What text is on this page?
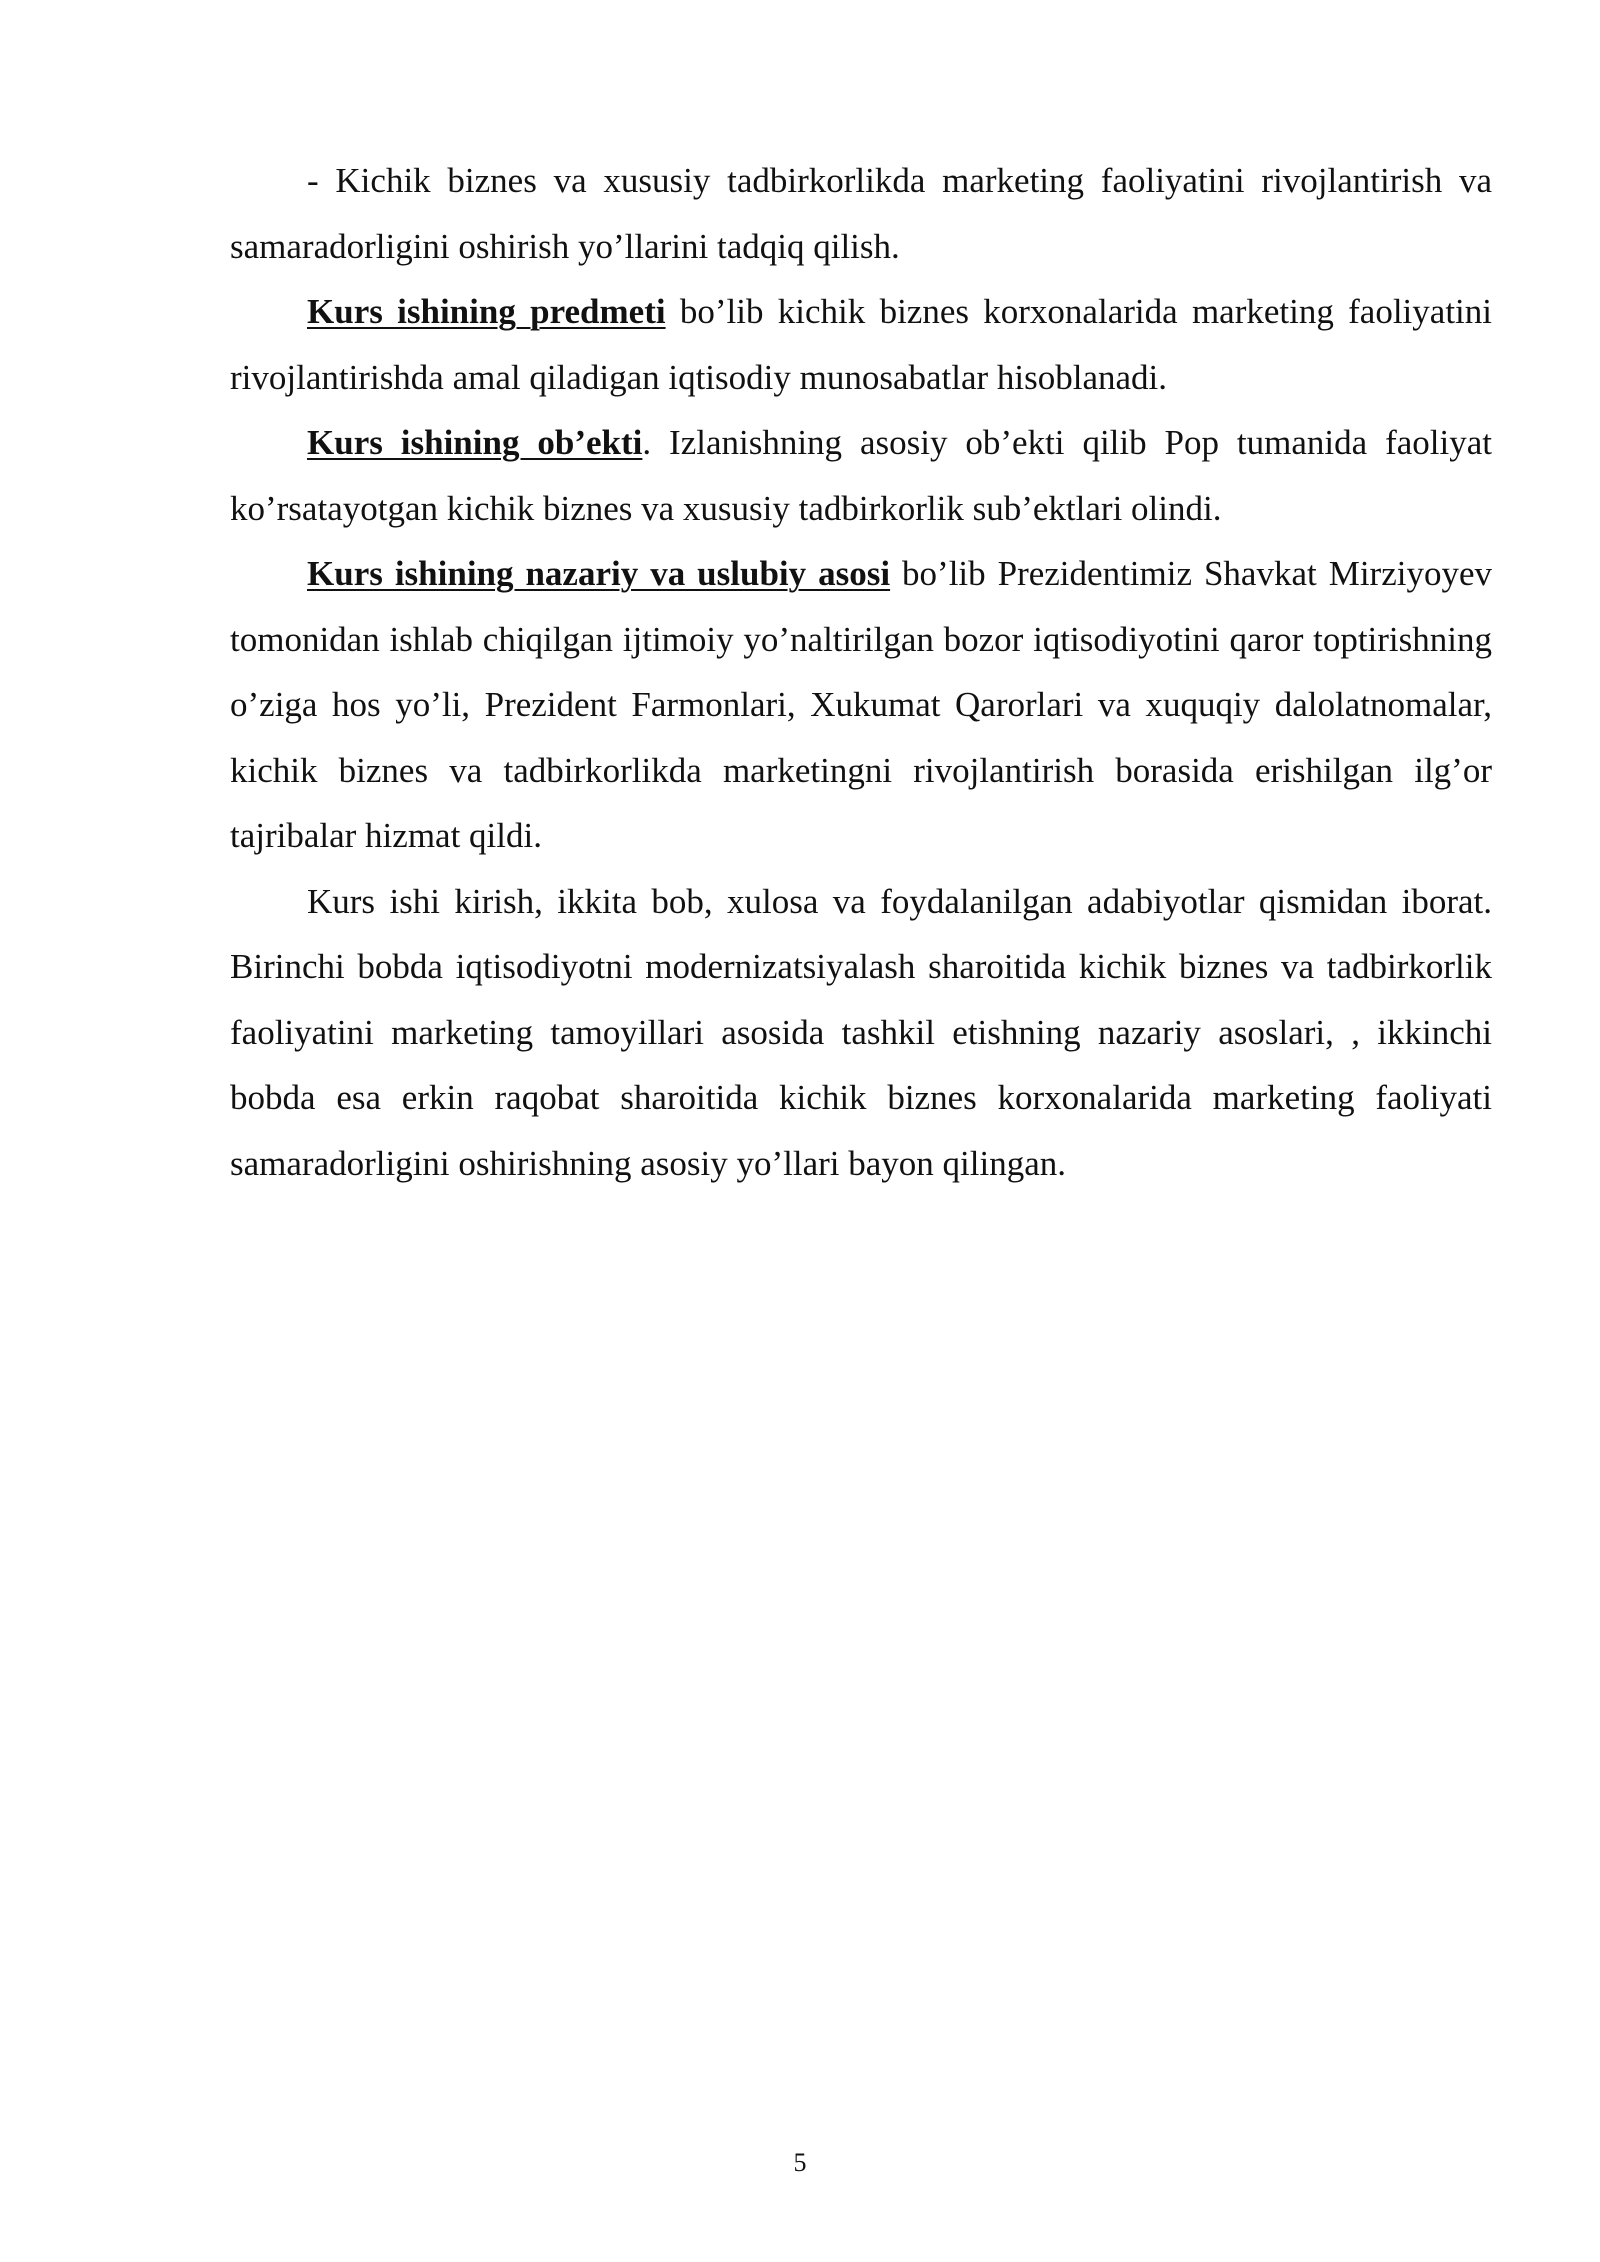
- Kichik biznes va xususiy tadbirkorlikda marketing faoliyatini rivojlantirish va samaradorligini oshirish yo’llarini tadqiq qilish.

Kurs ishining predmeti bo’lib kichik biznes korxonalarida marketing faoliyatini rivojlantirishda amal qiladigan iqtisodiy munosabatlar hisoblanadi.

Kurs ishining ob’ekti. Izlanishning asosiy ob’ekti qilib Pop tumanida faoliyat ko’rsatayotgan kichik biznes va xususiy tadbirkorlik sub’ektlari olindi.

Kurs ishining nazariy va uslubiy asosi bo’lib Prezidentimiz Shavkat Mirziyoyev tomonidan ishlab chiqilgan ijtimoiy yo’naltirilgan bozor iqtisodiyotini qaror toptirishning o’ziga hos yo’li, Prezident Farmonlari, Xukumat Qarorlari va xuquqiy dalolatnomalar, kichik biznes va tadbirkorlikda marketingni rivojlantirish borasida erishilgan ilg’or tajribalar hizmat qildi.

Kurs ishi kirish, ikkita bob, xulosa va foydalanilgan adabiyotlar qismidan iborat. Birinchi bobda iqtisodiyotni modernizatsiyalash sharoitida kichik biznes va tadbirkorlik faoliyatini marketing tamoyillari asosida tashkil etishning nazariy asoslari, , ikkinchi bobda esa erkin raqobat sharoitida kichik biznes korxonalarida marketing faoliyati samaradorligini oshirishning asosiy yo’llari bayon qilingan.

5
